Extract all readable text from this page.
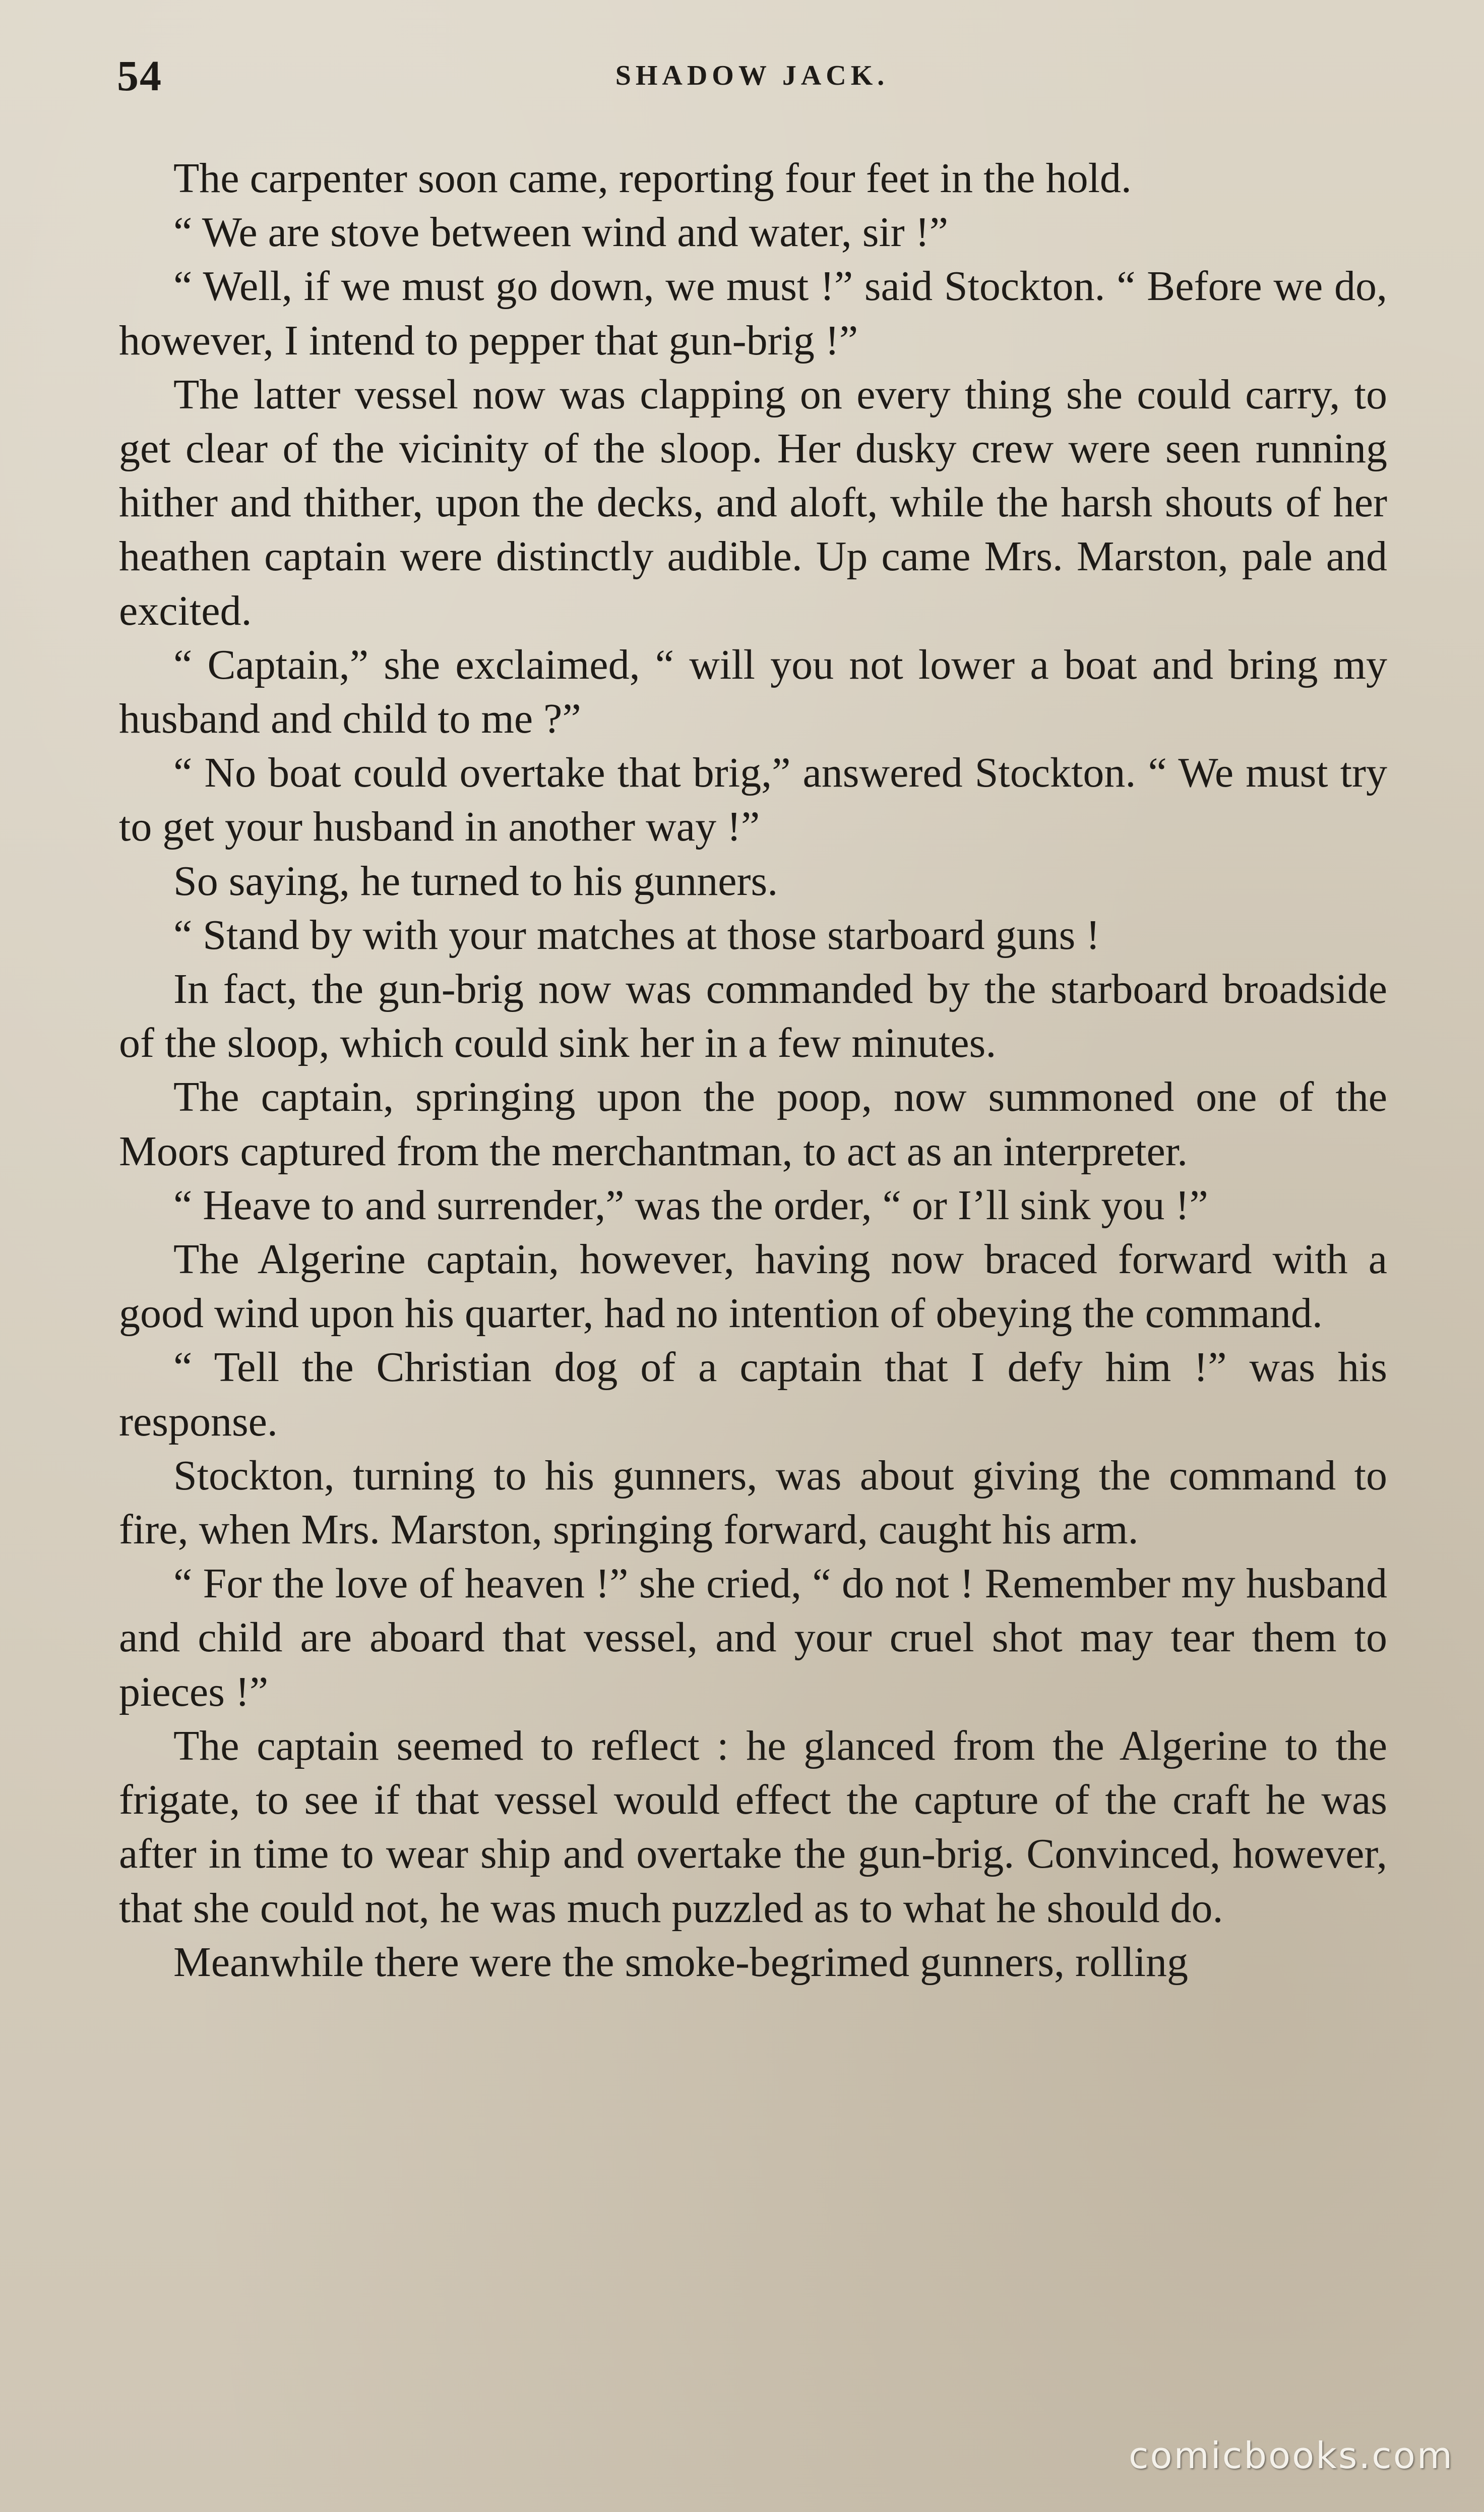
54	SHADOW JACK.

The carpenter soon came, reporting four feet in the hold.

“ We are stove between wind and water, sir !”

“ Well, if we must go down, we must !” said Stockton. “ Before we do, however, I intend to pepper that gun-brig !”

The latter vessel now was clapping on every thing she could carry, to get clear of the vicinity of the sloop. Her dusky crew were seen running hither and thither, upon the decks, and aloft, while the harsh shouts of her heathen captain were distinctly audible. Up came Mrs. Marston, pale and excited.

“ Captain,” she exclaimed, “ will you not lower a boat and bring my husband and child to me ?”

“ No boat could overtake that brig,” answered Stockton. “ We must try to get your husband in another way !”

So saying, he turned to his gunners.

“ Stand by with your matches at those starboard guns !

In fact, the gun-brig now was commanded by the starboard broadside of the sloop, which could sink her in a few minutes.

The captain, springing upon the poop, now summoned one of the Moors captured from the merchantman, to act as an interpreter.

“ Heave to and surrender,” was the order, “ or I’ll sink you !”

The Algerine captain, however, having now braced forward with a good wind upon his quarter, had no intention of obeying the command.

“ Tell the Christian dog of a captain that I defy him !” was his response.

Stockton, turning to his gunners, was about giving the command to fire, when Mrs. Marston, springing forward, caught his arm.

“ For the love of heaven !” she cried, “ do not ! Remember my husband and child are aboard that vessel, and your cruel shot may tear them to pieces !”

The captain seemed to reflect : he glanced from the Algerine to the frigate, to see if that vessel would effect the capture of the craft he was after in time to wear ship and overtake the gun-brig. Convinced, however, that she could not, he was much puzzled as to what he should do.

Meanwhile there were the smoke-begrimed gunners, rolling

comicbooks.com
